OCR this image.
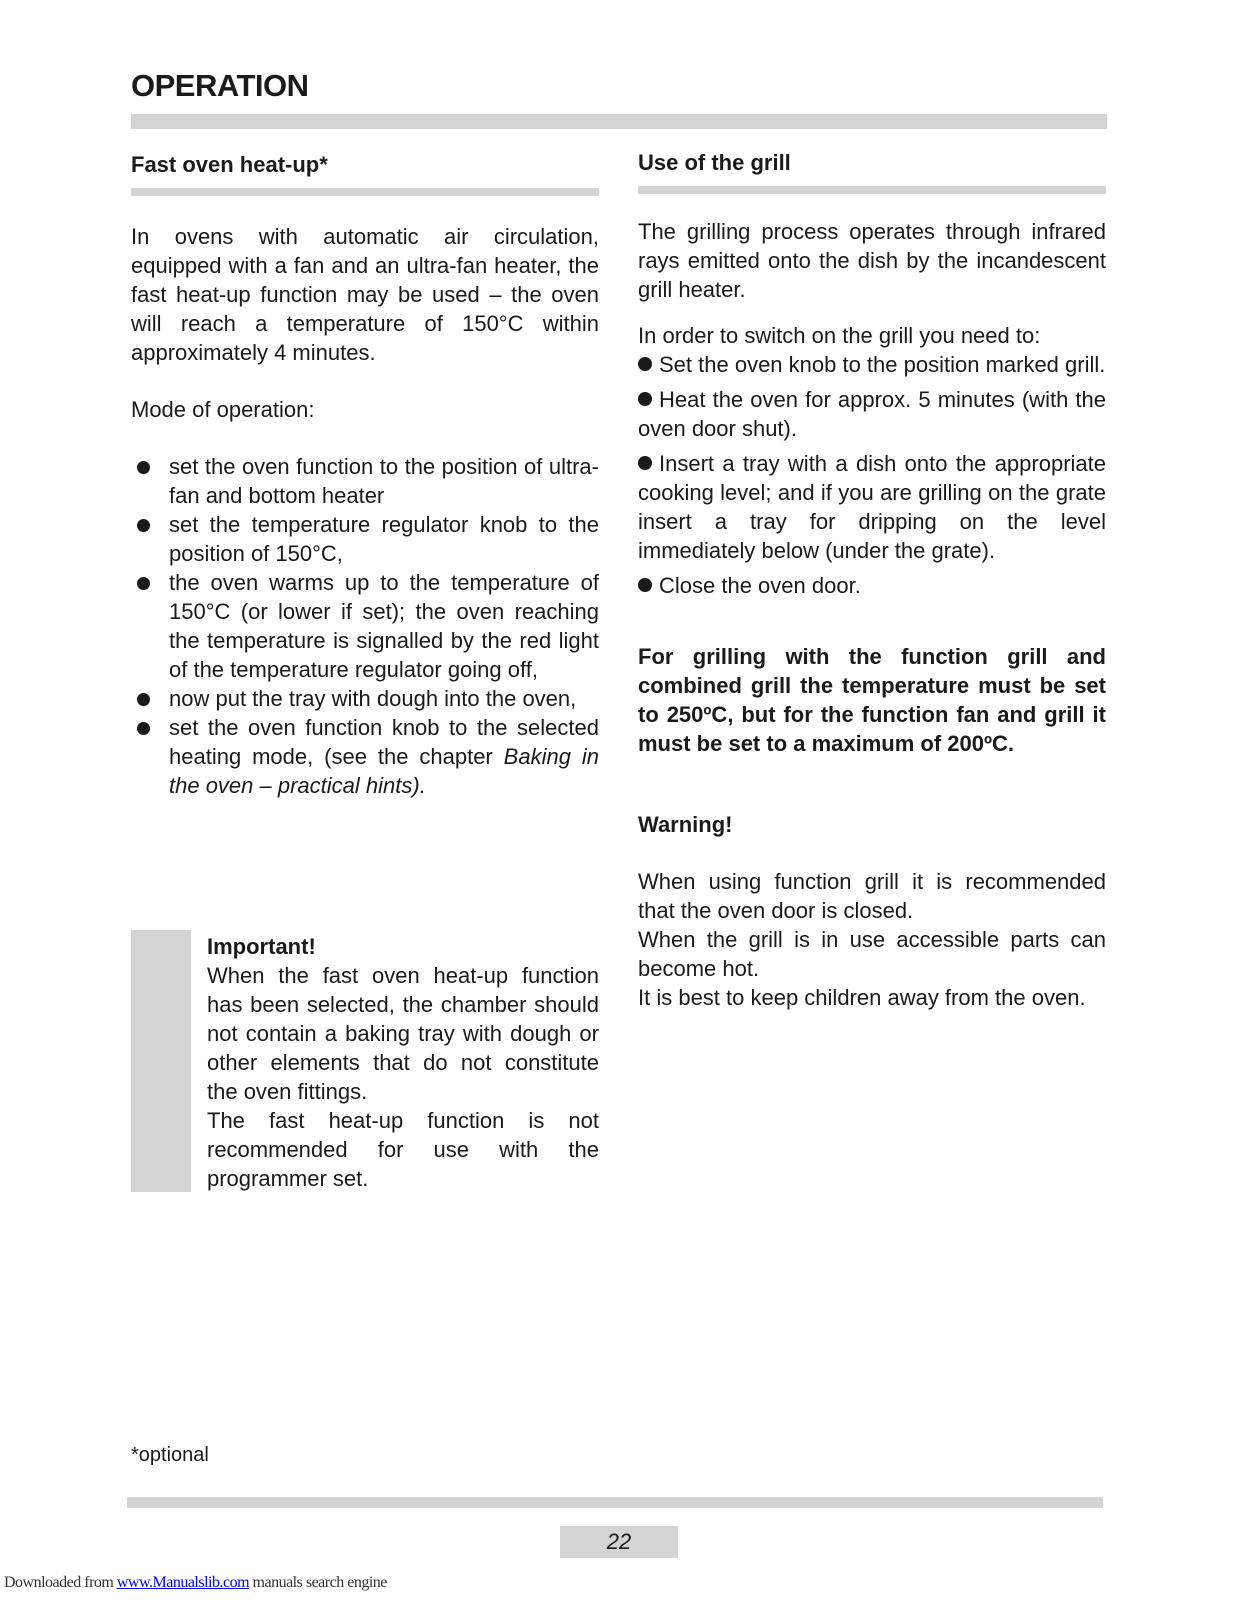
OPERATION
Fast oven heat-up*

In ovens with automatic air circulation, equipped with a fan and an ultra-fan heater, the fast heat-up function may be used – the oven will reach a temperature of 150°C within approximately 4 minutes.

Mode of operation:

set the oven function to the position of ultra-fan and bottom heater
set the temperature regulator knob to the position of 150°C,
the oven warms up to the temperature of 150°C (or lower if set); the oven reaching the temperature is signalled by the red light of the temperature regulator going off,
now put the tray with dough into the oven,
set the oven function knob to the selected heating mode, (see the chapter Baking in the oven – practical hints).

Important!

When the fast oven heat-up function has been selected, the chamber should not contain a baking tray with dough or other elements that do not constitute the oven fittings.

The fast heat-up function is not recommended for use with the programmer set.

Use of the grill

The grilling process operates through infrared rays emitted onto the dish by the incandescent grill heater.

In order to switch on the grill you need to:

Set the oven knob to the position marked grill.
Heat the oven for approx. 5 minutes (with the oven door shut).
Insert a tray with a dish onto the appropriate cooking level; and if you are grilling on the grate insert a tray for dripping on the level immediately below (under the grate).
Close the oven door.

For grilling with the function grill and combined grill the temperature must be set to 250ºC, but for the function fan and grill it must be set to a maximum of 200ºC.

Warning!

When using function grill it is recommended that the oven door is closed.

When the grill is in use accessible parts can become hot.

It is best to keep children away from the oven.

*optional
22
Downloaded from www.Manualslib.com manuals search engine
